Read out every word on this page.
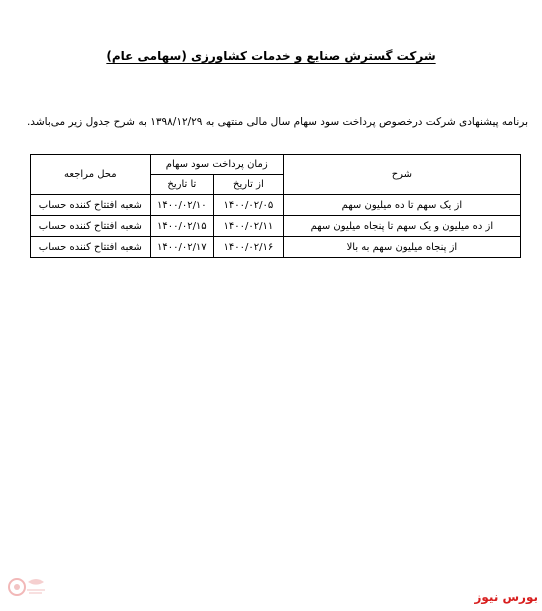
شرکت گسترش صنایع و خدمات کشاورزی (سهامی عام)
برنامه پیشنهادی شرکت درخصوص پرداخت سود سهام سال مالی منتهی به ۱۳۹۸/۱۲/۲۹ به شرح جدول زیر می‌باشد.
شرح	زمان پرداخت سود سهام		محل مراجعه
	از تاریخ	تا تاریخ	
از یک سهم تا ده میلیون سهم	۱۴۰۰/۰۲/۰۵	۱۴۰۰/۰۲/۱۰	شعبه افتتاح کننده حساب
از ده میلیون و یک سهم تا پنجاه میلیون سهم	۱۴۰۰/۰۲/۱۱	۱۴۰۰/۰۲/۱۵	شعبه افتتاح کننده حساب
از پنجاه میلیون سهم به بالا	۱۴۰۰/۰۲/۱۶	۱۴۰۰/۰۲/۱۷	شعبه افتتاح کننده حساب
بورس نیوز
